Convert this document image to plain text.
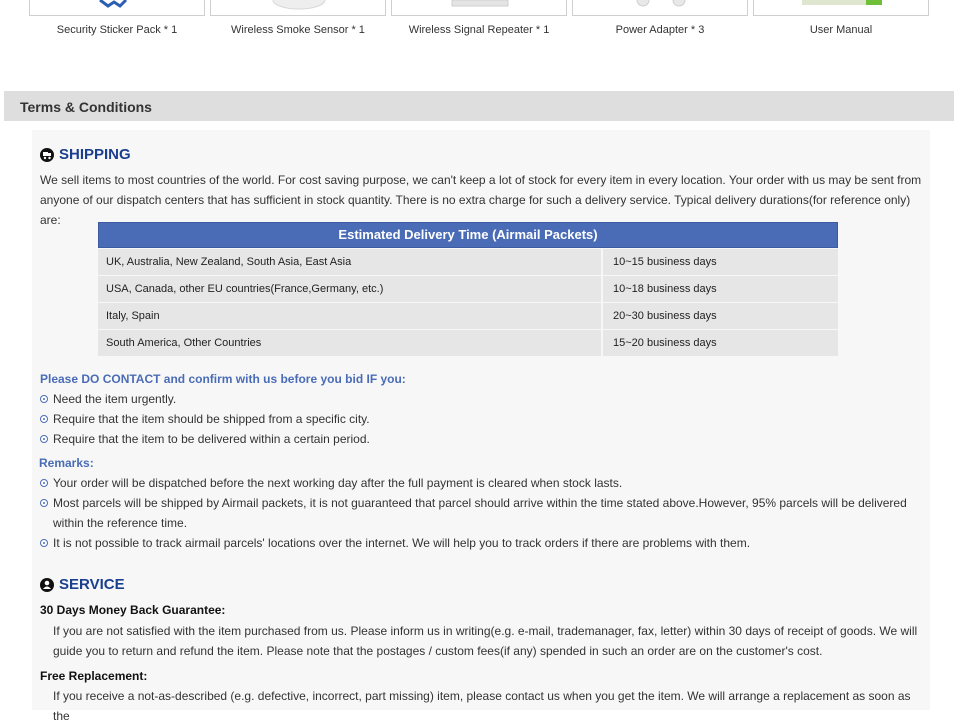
Security Sticker Pack * 1	Wireless Smoke Sensor * 1	Wireless Signal Repeater * 1	Power Adapter * 3	User Manual
Terms & Conditions
SHIPPING
We sell items to most countries of the world. For cost saving purpose, we can't keep a lot of stock for every item in every location. Your order with us may be sent from anyone of our dispatch centers that has sufficient in stock quantity. There is no extra charge for such a delivery service. Typical delivery durations(for reference only) are:
Estimated Delivery Time (Airmail Packets)
UK, Australia, New Zealand, South Asia, East Asia	10~15 business days
USA, Canada, other EU countries(France,Germany, etc.)	10~18 business days
Italy, Spain	20~30 business days
South America, Other Countries	15~20 business days
Please DO CONTACT and confirm with us before you bid IF you:
Need the item urgently.
Require that the item should be shipped from a specific city.
Require that the item to be delivered within a certain period.
Remarks:
Your order will be dispatched before the next working day after the full payment is cleared when stock lasts.
Most parcels will be shipped by Airmail packets, it is not guaranteed that parcel should arrive within the time stated above.However, 95% parcels will be delivered within the reference time.
It is not possible to track airmail parcels' locations over the internet. We will help you to track orders if there are problems with them.
SERVICE
30 Days Money Back Guarantee:
If you are not satisfied with the item purchased from us. Please inform us in writing(e.g. e-mail, trademanager, fax, letter) within 30 days of receipt of goods. We will guide you to return and refund the item. Please note that the postages / custom fees(if any) spended in such an order are on the customer's cost.
Free Replacement:
If you receive a not-as-described (e.g. defective, incorrect, part missing) item, please contact us when you get the item. We will arrange a replacement as soon as the
